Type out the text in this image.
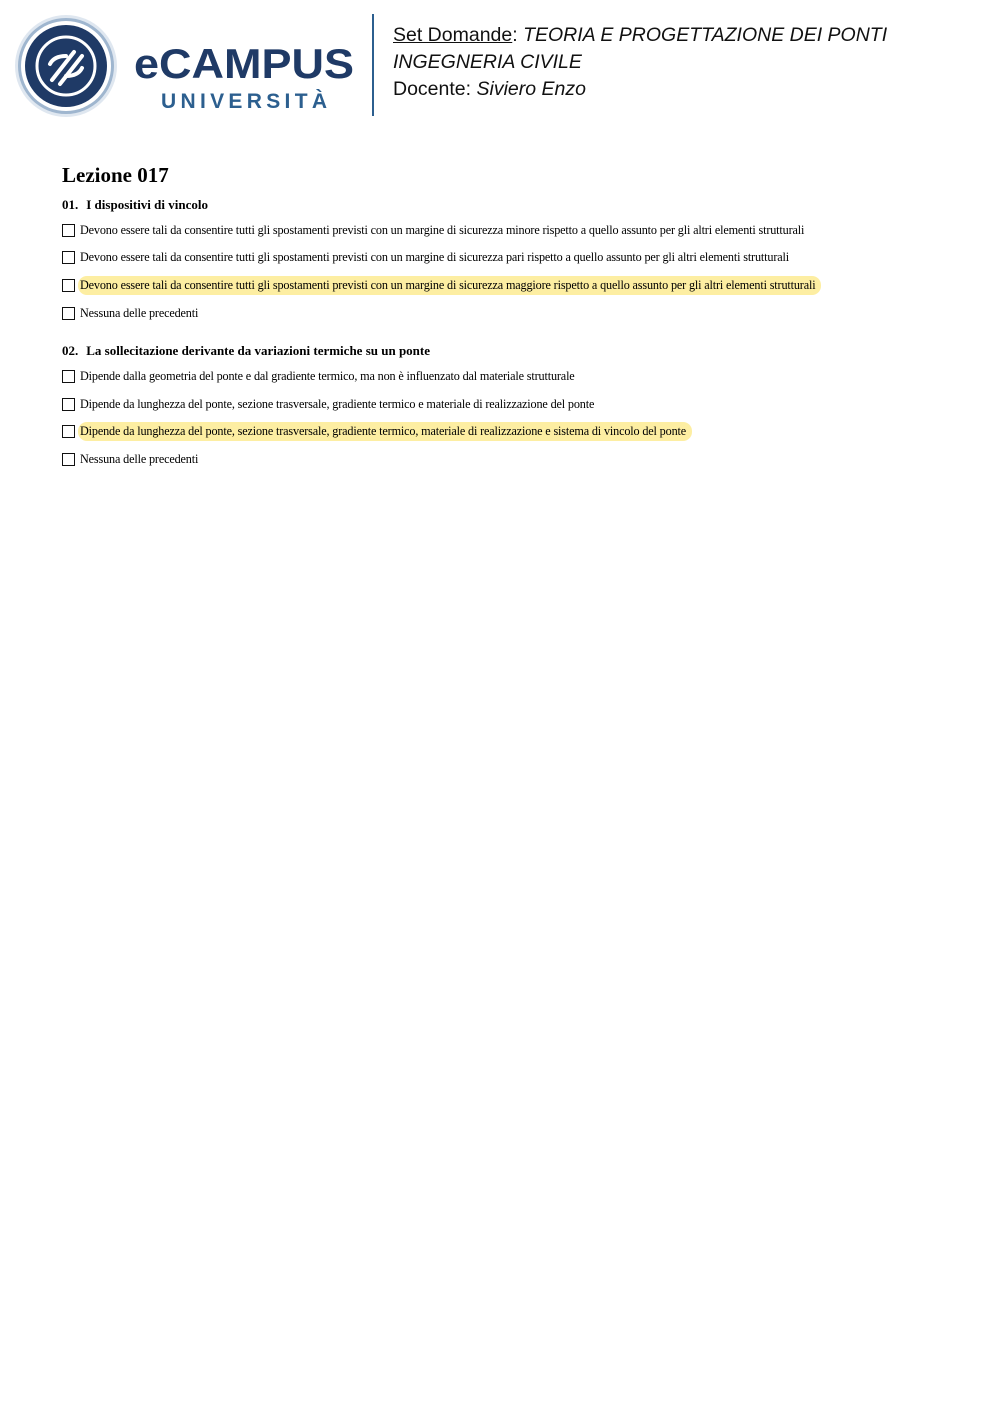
eCAMPUS
UNIVERSITÀ
Set Domande: TEORIA E PROGETTAZIONE DEI PONTI
INGEGNERIA CIVILE
Docente: Siviero Enzo
Lezione 017

01. I dispositivi di vincolo

Devono essere tali da consentire tutti gli spostamenti previsti con un margine di sicurezza minore rispetto a quello assunto per gli altri elementi strutturali
Devono essere tali da consentire tutti gli spostamenti previsti con un margine di sicurezza pari rispetto a quello assunto per gli altri elementi strutturali
Devono essere tali da consentire tutti gli spostamenti previsti con un margine di sicurezza maggiore rispetto a quello assunto per gli altri elementi strutturali
Nessuna delle precedenti

02. La sollecitazione derivante da variazioni termiche su un ponte

Dipende dalla geometria del ponte e dal gradiente termico, ma non è influenzato dal materiale strutturale
Dipende da lunghezza del ponte, sezione trasversale, gradiente termico e materiale di realizzazione del ponte
Dipende da lunghezza del ponte, sezione trasversale, gradiente termico, materiale di realizzazione e sistema di vincolo del ponte
Nessuna delle precedenti
